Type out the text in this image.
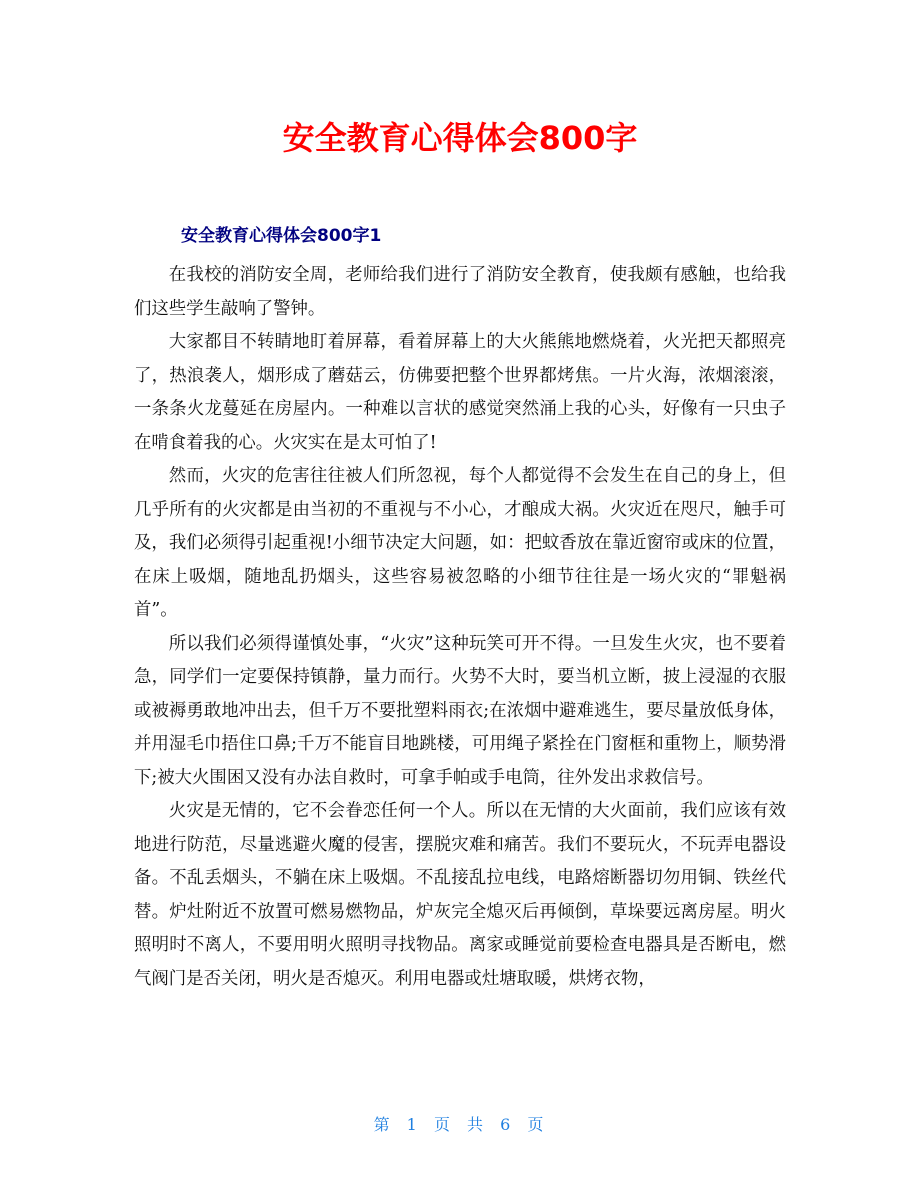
安全教育心得体会800字
安全教育心得体会800字1

在我校的消防安全周，老师给我们进行了消防安全教育，使我颇有感触，也给我们这些学生敲响了警钟。

大家都目不转睛地盯着屏幕，看着屏幕上的大火熊熊地燃烧着，火光把天都照亮了，热浪袭人，烟形成了蘑菇云，仿佛要把整个世界都烤焦。一片火海，浓烟滚滚，一条条火龙蔓延在房屋内。一种难以言状的感觉突然涌上我的心头，好像有一只虫子在啃食着我的心。火灾实在是太可怕了!

然而，火灾的危害往往被人们所忽视，每个人都觉得不会发生在自己的身上，但几乎所有的火灾都是由当初的不重视与不小心，才酿成大祸。火灾近在咫尺，触手可及，我们必须得引起重视!小细节决定大问题，如：把蚊香放在靠近窗帘或床的位置，在床上吸烟，随地乱扔烟头，这些容易被忽略的小细节往往是一场火灾的“罪魁祸首”。

所以我们必须得谨慎处事，“火灾”这种玩笑可开不得。一旦发生火灾，也不要着急，同学们一定要保持镇静，量力而行。火势不大时，要当机立断，披上浸湿的衣服或被褥勇敢地冲出去，但千万不要批塑料雨衣;在浓烟中避难逃生，要尽量放低身体，并用湿毛巾捂住口鼻;千万不能盲目地跳楼，可用绳子紧拴在门窗框和重物上，顺势滑下;被大火围困又没有办法自救时，可拿手帕或手电筒，往外发出求救信号。

火灾是无情的，它不会眷恋任何一个人。所以在无情的大火面前，我们应该有效地进行防范，尽量逃避火魔的侵害，摆脱灾难和痛苦。我们不要玩火，不玩弄电器设备。不乱丢烟头，不躺在床上吸烟。不乱接乱拉电线，电路熔断器切勿用铜、铁丝代替。炉灶附近不放置可燃易燃物品，炉灰完全熄灭后再倾倒，草垛要远离房屋。明火照明时不离人，不要用明火照明寻找物品。离家或睡觉前要检查电器具是否断电，燃气阀门是否关闭，明火是否熄灭。利用电器或灶塘取暖，烘烤衣物，

第 1 页 共 6 页
